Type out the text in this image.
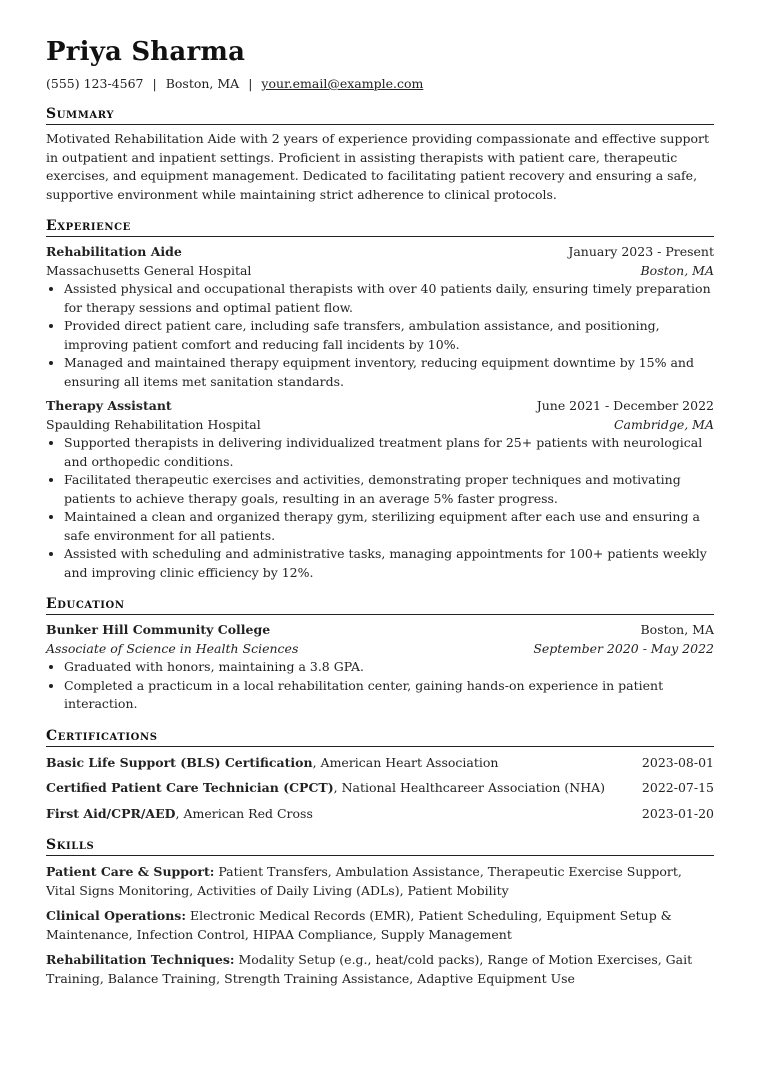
Priya Sharma
(555) 123-4567 | Boston, MA | your.email@example.com
Summary
Motivated Rehabilitation Aide with 2 years of experience providing compassionate and effective support in outpatient and inpatient settings. Proficient in assisting therapists with patient care, therapeutic exercises, and equipment management. Dedicated to facilitating patient recovery and ensuring a safe, supportive environment while maintaining strict adherence to clinical protocols.
Experience
Rehabilitation Aide	January 2023 - Present
Massachusetts General Hospital	Boston, MA
• Assisted physical and occupational therapists with over 40 patients daily, ensuring timely preparation for therapy sessions and optimal patient flow.
• Provided direct patient care, including safe transfers, ambulation assistance, and positioning, improving patient comfort and reducing fall incidents by 10%.
• Managed and maintained therapy equipment inventory, reducing equipment downtime by 15% and ensuring all items met sanitation standards.
Therapy Assistant	June 2021 - December 2022
Spaulding Rehabilitation Hospital	Cambridge, MA
• Supported therapists in delivering individualized treatment plans for 25+ patients with neurological and orthopedic conditions.
• Facilitated therapeutic exercises and activities, demonstrating proper techniques and motivating patients to achieve therapy goals, resulting in an average 5% faster progress.
• Maintained a clean and organized therapy gym, sterilizing equipment after each use and ensuring a safe environment for all patients.
• Assisted with scheduling and administrative tasks, managing appointments for 100+ patients weekly and improving clinic efficiency by 12%.
Education
Bunker Hill Community College	Boston, MA
Associate of Science in Health Sciences	September 2020 - May 2022
• Graduated with honors, maintaining a 3.8 GPA.
• Completed a practicum in a local rehabilitation center, gaining hands-on experience in patient interaction.
Certifications
Basic Life Support (BLS) Certification, American Heart Association	2023-08-01
Certified Patient Care Technician (CPCT), National Healthcareer Association (NHA)	2022-07-15
First Aid/CPR/AED, American Red Cross	2023-01-20
Skills
Patient Care & Support: Patient Transfers, Ambulation Assistance, Therapeutic Exercise Support, Vital Signs Monitoring, Activities of Daily Living (ADLs), Patient Mobility
Clinical Operations: Electronic Medical Records (EMR), Patient Scheduling, Equipment Setup & Maintenance, Infection Control, HIPAA Compliance, Supply Management
Rehabilitation Techniques: Modality Setup (e.g., heat/cold packs), Range of Motion Exercises, Gait Training, Balance Training, Strength Training Assistance, Adaptive Equipment Use
